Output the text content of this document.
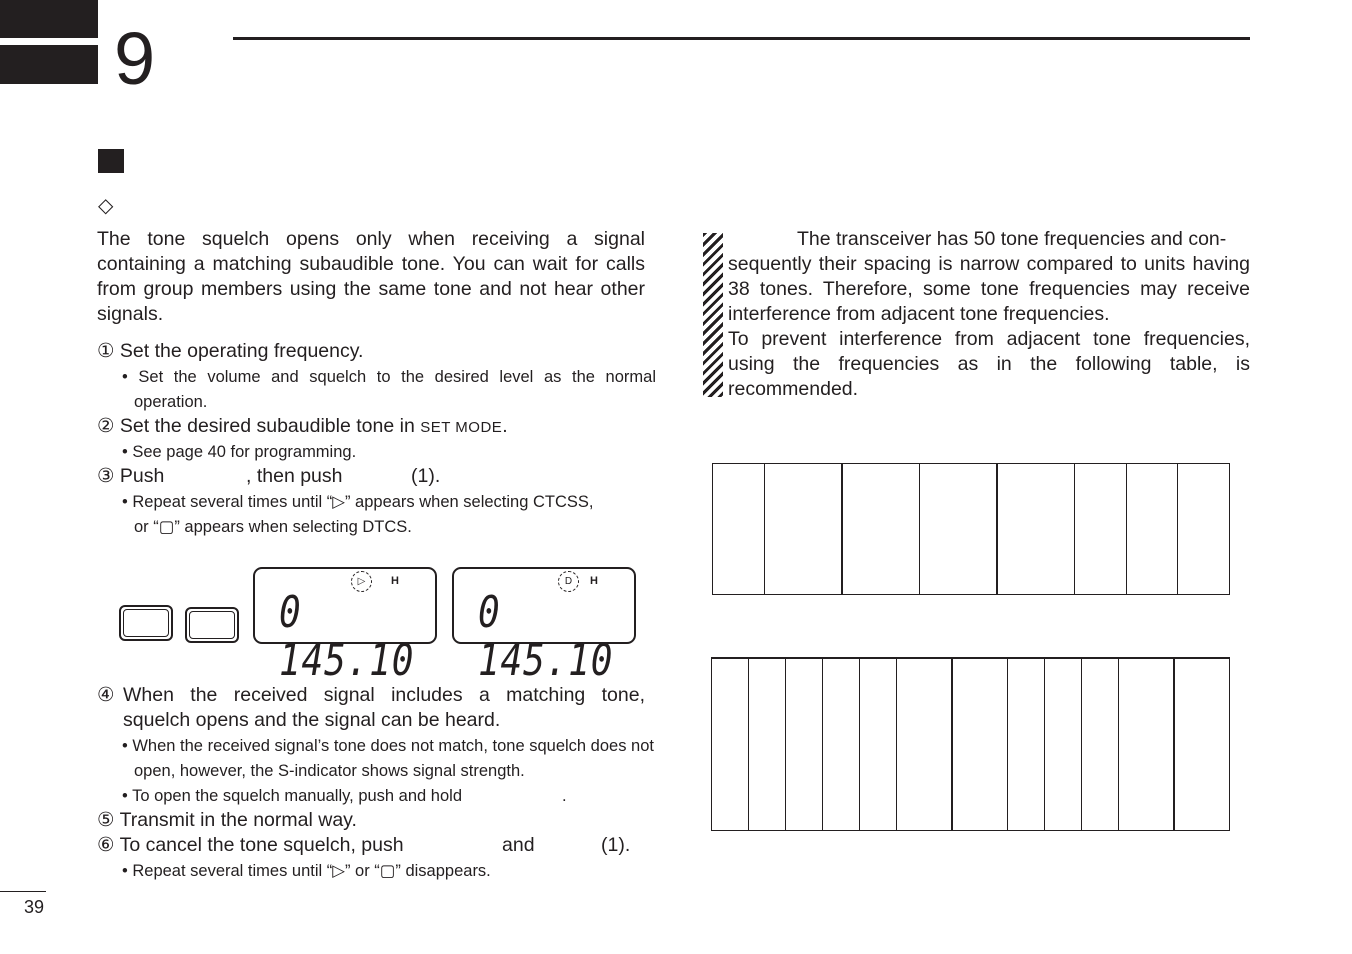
9
◇
The tone squelch opens only when receiving a signal containing a matching subaudible tone. You can wait for calls from group members using the same tone and not hear other signals.
① Set the operating frequency.
• Set the volume and squelch to the desired level as the normal operation.
② Set the desired subaudible tone in SET MODE.
• See page 40 for programming.
③ Push	, then push	(1).
• Repeat several times until “▷” appears when selecting CTCSS,
or “▢” appears when selecting DTCS.
▷	H
0 145.10
D	H
0 145.10
④ When the received signal includes a matching tone,
squelch opens and the signal can be heard.
• When the received signal’s tone does not match, tone squelch does not open, however, the S-indicator shows signal strength.
• To open the squelch manually, push and hold	.
⑤ Transmit in the normal way.
⑥ To cancel the tone squelch, push	and	(1).
• Repeat several times until “▷” or “▢” disappears.
The transceiver has 50 tone frequencies and con-
sequently their spacing is narrow compared to units having 38 tones. Therefore, some tone frequencies may receive interference from adjacent tone frequencies.
To prevent interference from adjacent tone frequencies, using the frequencies as in the following table, is recommended.

39
